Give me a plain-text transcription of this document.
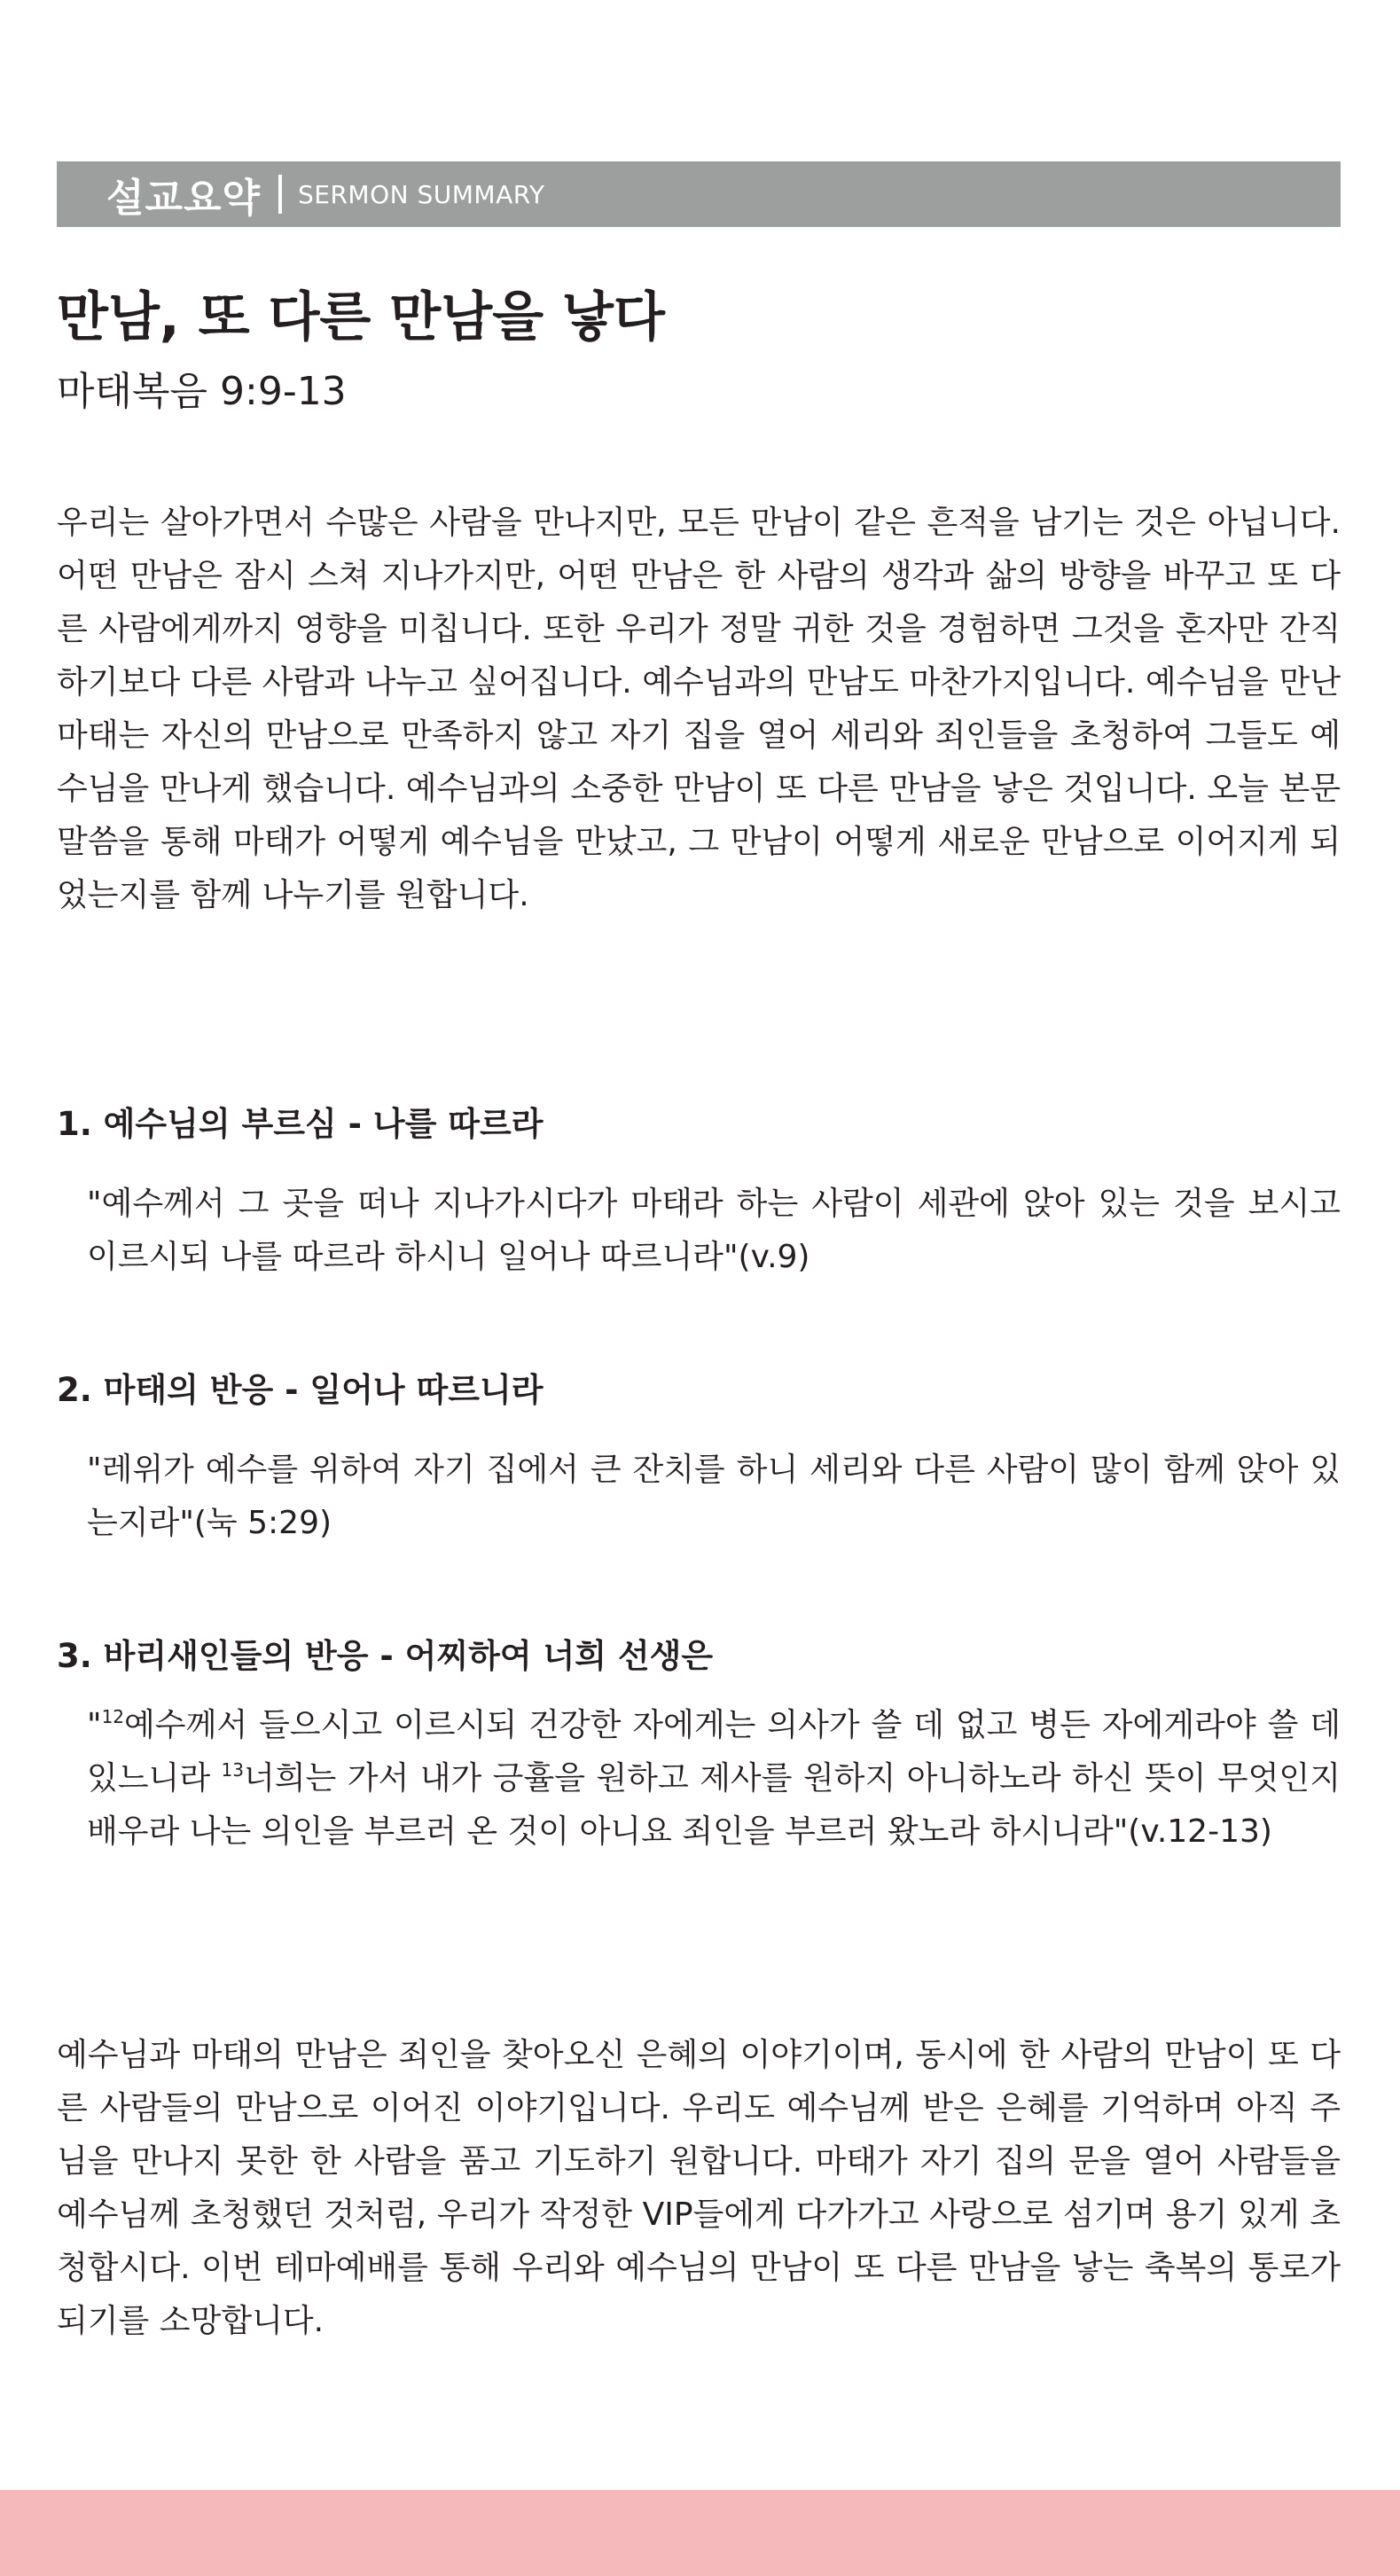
설교요약 SERMON SUMMARY
만남, 또 다른 만남을 낳다

마태복음 9:9-13

우리는 살아가면서 수많은 사람을 만나지만, 모든 만남이 같은 흔적을 남기는 것은 아닙니다. 어떤 만남은 잠시 스쳐 지나가지만, 어떤 만남은 한 사람의 생각과 삶의 방향을 바꾸고 또 다른 사람에게까지 영향을 미칩니다. 또한 우리가 정말 귀한 것을 경험하면 그것을 혼자만 간직하기보다 다른 사람과 나누고 싶어집니다. 예수님과의 만남도 마찬가지입니다. 예수님을 만난 마태는 자신의 만남으로 만족하지 않고 자기 집을 열어 세리와 죄인들을 초청하여 그들도 예수님을 만나게 했습니다. 예수님과의 소중한 만남이 또 다른 만남을 낳은 것입니다. 오늘 본문 말씀을 통해 마태가 어떻게 예수님을 만났고, 그 만남이 어떻게 새로운 만남으로 이어지게 되었는지를 함께 나누기를 원합니다.

1. 예수님의 부르심 - 나를 따르라

"예수께서 그 곳을 떠나 지나가시다가 마태라 하는 사람이 세관에 앉아 있는 것을 보시고 이르시되 나를 따르라 하시니 일어나 따르니라"(v.9)

2. 마태의 반응 - 일어나 따르니라

"레위가 예수를 위하여 자기 집에서 큰 잔치를 하니 세리와 다른 사람이 많이 함께 앉아 있는지라"(눅 5:29)

3. 바리새인들의 반응 - 어찌하여 너희 선생은

"$^{12}$예수께서 들으시고 이르시되 건강한 자에게는 의사가 쓸 데 없고 병든 자에게라야 쓸 데 있느니라 $^{13}$너희는 가서 내가 긍휼을 원하고 제사를 원하지 아니하노라 하신 뜻이 무엇인지 배우라 나는 의인을 부르러 온 것이 아니요 죄인을 부르러 왔노라 하시니라"(v.12-13)

예수님과 마태의 만남은 죄인을 찾아오신 은혜의 이야기이며, 동시에 한 사람의 만남이 또 다른 사람들의 만남으로 이어진 이야기입니다. 우리도 예수님께 받은 은혜를 기억하며 아직 주님을 만나지 못한 한 사람을 품고 기도하기 원합니다. 마태가 자기 집의 문을 열어 사람들을 예수님께 초청했던 것처럼, 우리가 작정한 VIP들에게 다가가고 사랑으로 섬기며 용기 있게 초청합시다. 이번 테마예배를 통해 우리와 예수님의 만남이 또 다른 만남을 낳는 축복의 통로가 되기를 소망합니다.
